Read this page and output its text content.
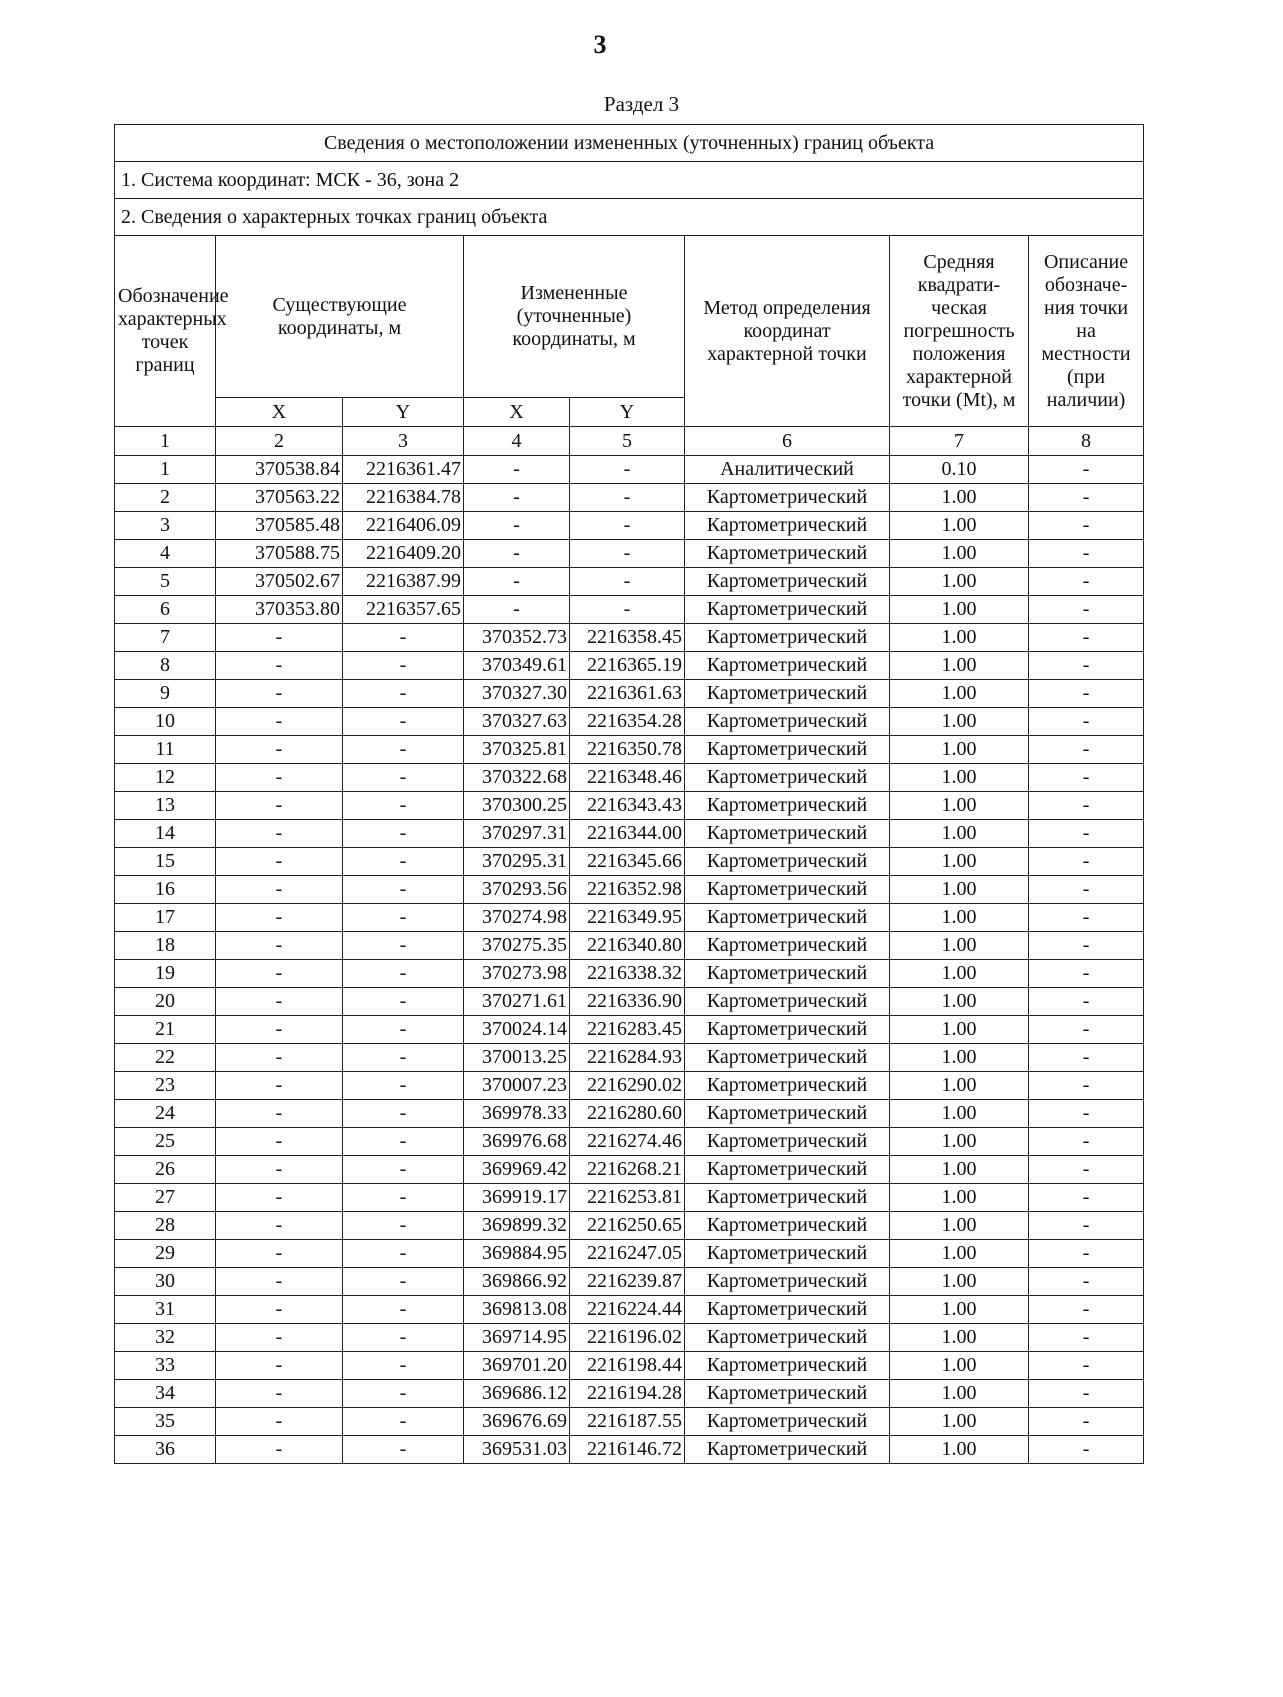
3
Раздел 3
Сведения о местоположении измененных (уточненных) границ объекта							
1. Система координат: МСК - 36, зона 2							
2. Сведения о характерных точках границ объекта							
Обозначение характерных точек границ	Существующие координаты, м		Измененные (уточненные) координаты, м		Метод определения координат характерной точки	Средняя квадрати-ческая погрешность положения характерной точки (Mt), м	Описание обозначе-ния точки на местности (при наличии)
	X	Y	X	Y			
1	2	3	4	5	6	7	8
1	370538.84	2216361.47	-	-	Аналитический	0.10	-
2	370563.22	2216384.78	-	-	Картометрический	1.00	-
3	370585.48	2216406.09	-	-	Картометрический	1.00	-
4	370588.75	2216409.20	-	-	Картометрический	1.00	-
5	370502.67	2216387.99	-	-	Картометрический	1.00	-
6	370353.80	2216357.65	-	-	Картометрический	1.00	-
7	-	-	370352.73	2216358.45	Картометрический	1.00	-
8	-	-	370349.61	2216365.19	Картометрический	1.00	-
9	-	-	370327.30	2216361.63	Картометрический	1.00	-
10	-	-	370327.63	2216354.28	Картометрический	1.00	-
11	-	-	370325.81	2216350.78	Картометрический	1.00	-
12	-	-	370322.68	2216348.46	Картометрический	1.00	-
13	-	-	370300.25	2216343.43	Картометрический	1.00	-
14	-	-	370297.31	2216344.00	Картометрический	1.00	-
15	-	-	370295.31	2216345.66	Картометрический	1.00	-
16	-	-	370293.56	2216352.98	Картометрический	1.00	-
17	-	-	370274.98	2216349.95	Картометрический	1.00	-
18	-	-	370275.35	2216340.80	Картометрический	1.00	-
19	-	-	370273.98	2216338.32	Картометрический	1.00	-
20	-	-	370271.61	2216336.90	Картометрический	1.00	-
21	-	-	370024.14	2216283.45	Картометрический	1.00	-
22	-	-	370013.25	2216284.93	Картометрический	1.00	-
23	-	-	370007.23	2216290.02	Картометрический	1.00	-
24	-	-	369978.33	2216280.60	Картометрический	1.00	-
25	-	-	369976.68	2216274.46	Картометрический	1.00	-
26	-	-	369969.42	2216268.21	Картометрический	1.00	-
27	-	-	369919.17	2216253.81	Картометрический	1.00	-
28	-	-	369899.32	2216250.65	Картометрический	1.00	-
29	-	-	369884.95	2216247.05	Картометрический	1.00	-
30	-	-	369866.92	2216239.87	Картометрический	1.00	-
31	-	-	369813.08	2216224.44	Картометрический	1.00	-
32	-	-	369714.95	2216196.02	Картометрический	1.00	-
33	-	-	369701.20	2216198.44	Картометрический	1.00	-
34	-	-	369686.12	2216194.28	Картометрический	1.00	-
35	-	-	369676.69	2216187.55	Картометрический	1.00	-
36	-	-	369531.03	2216146.72	Картометрический	1.00	-
